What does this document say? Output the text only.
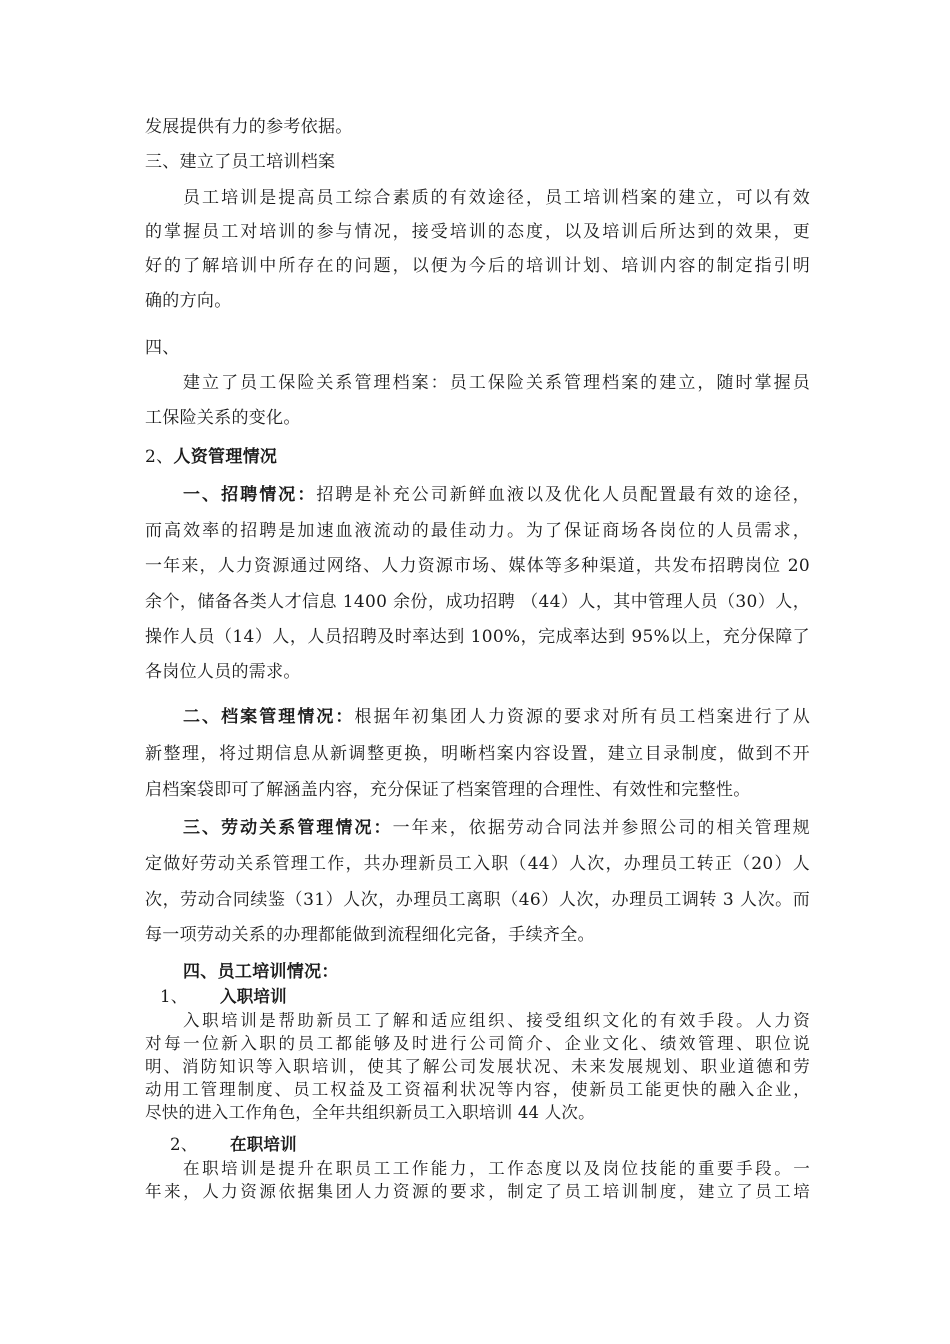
发展提供有力的参考依据。
三、建立了员工培训档案
员工培训是提高员工综合素质的有效途径，员工培训档案的建立，可以有效
的掌握员工对培训的参与情况，接受培训的态度，以及培训后所达到的效果，更
好的了解培训中所存在的问题，以便为今后的培训计划、培训内容的制定指引明
确的方向。
四、
建立了员工保险关系管理档案：员工保险关系管理档案的建立，随时掌握员
工保险关系的变化。
2、人资管理情况
一、招聘情况：招聘是补充公司新鲜血液以及优化人员配置最有效的途径，
而高效率的招聘是加速血液流动的最佳动力。为了保证商场各岗位的人员需求，
一年来，人力资源通过网络、人力资源市场、媒体等多种渠道，共发布招聘岗位 20
余个，储备各类人才信息 1400 余份，成功招聘 （44）人，其中管理人员（30）人，
操作人员（14）人，人员招聘及时率达到 100%，完成率达到 95%以上，充分保障了
各岗位人员的需求。
二、档案管理情况：根据年初集团人力资源的要求对所有员工档案进行了从
新整理，将过期信息从新调整更换，明晰档案内容设置，建立目录制度，做到不开
启档案袋即可了解涵盖内容，充分保证了档案管理的合理性、有效性和完整性。
三、劳动关系管理情况：一年来，依据劳动合同法并参照公司的相关管理规
定做好劳动关系管理工作，共办理新员工入职（44）人次，办理员工转正（20）人
次，劳动合同续鉴（31）人次，办理员工离职（46）人次，办理员工调转 3 人次。而
每一项劳动关系的办理都能做到流程细化完备，手续齐全。
四、员工培训情况：
1、 入职培训
入职培训是帮助新员工了解和适应组织、接受组织文化的有效手段。人力资
对每一位新入职的员工都能够及时进行公司简介、企业文化、绩效管理、职位说
明、消防知识等入职培训，使其了解公司发展状况、未来发展规划、职业道德和劳
动用工管理制度、员工权益及工资福利状况等内容，使新员工能更快的融入企业，
尽快的进入工作角色，全年共组织新员工入职培训 44 人次。
2、 在职培训
在职培训是提升在职员工工作能力，工作态度以及岗位技能的重要手段。一
年来，人力资源依据集团人力资源的要求，制定了员工培训制度，建立了员工培
